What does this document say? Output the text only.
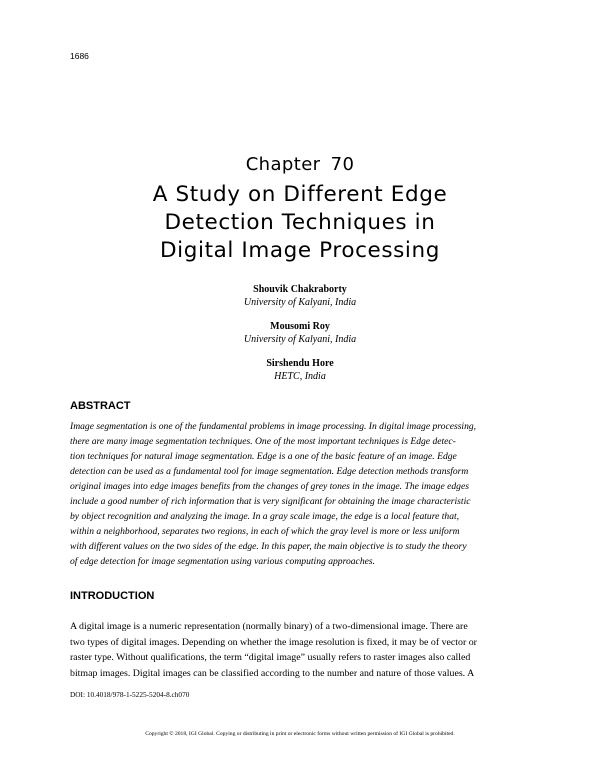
1686
Chapter 70
A Study on Different Edge
Detection Techniques in
Digital Image Processing
Shouvik Chakraborty
University of Kalyani, India
Mousomi Roy
University of Kalyani, India
Sirshendu Hore
HETC, India
ABSTRACT
Image segmentation is one of the fundamental problems in image processing. In digital image processing,
there are many image segmentation techniques. One of the most important techniques is Edge detec-
tion techniques for natural image segmentation. Edge is a one of the basic feature of an image. Edge
detection can be used as a fundamental tool for image segmentation. Edge detection methods transform
original images into edge images benefits from the changes of grey tones in the image. The image edges
include a good number of rich information that is very significant for obtaining the image characteristic
by object recognition and analyzing the image. In a gray scale image, the edge is a local feature that,
within a neighborhood, separates two regions, in each of which the gray level is more or less uniform
with different values on the two sides of the edge. In this paper, the main objective is to study the theory
of edge detection for image segmentation using various computing approaches.
INTRODUCTION
A digital image is a numeric representation (normally binary) of a two-dimensional image. There are
two types of digital images. Depending on whether the image resolution is fixed, it may be of vector or
raster type. Without qualifications, the term “digital image” usually refers to raster images also called
bitmap images. Digital images can be classified according to the number and nature of those values. A
DOI: 10.4018/978-1-5225-5204-8.ch070
Copyright © 2018, IGI Global. Copying or distributing in print or electronic forms without written permission of IGI Global is prohibited.
